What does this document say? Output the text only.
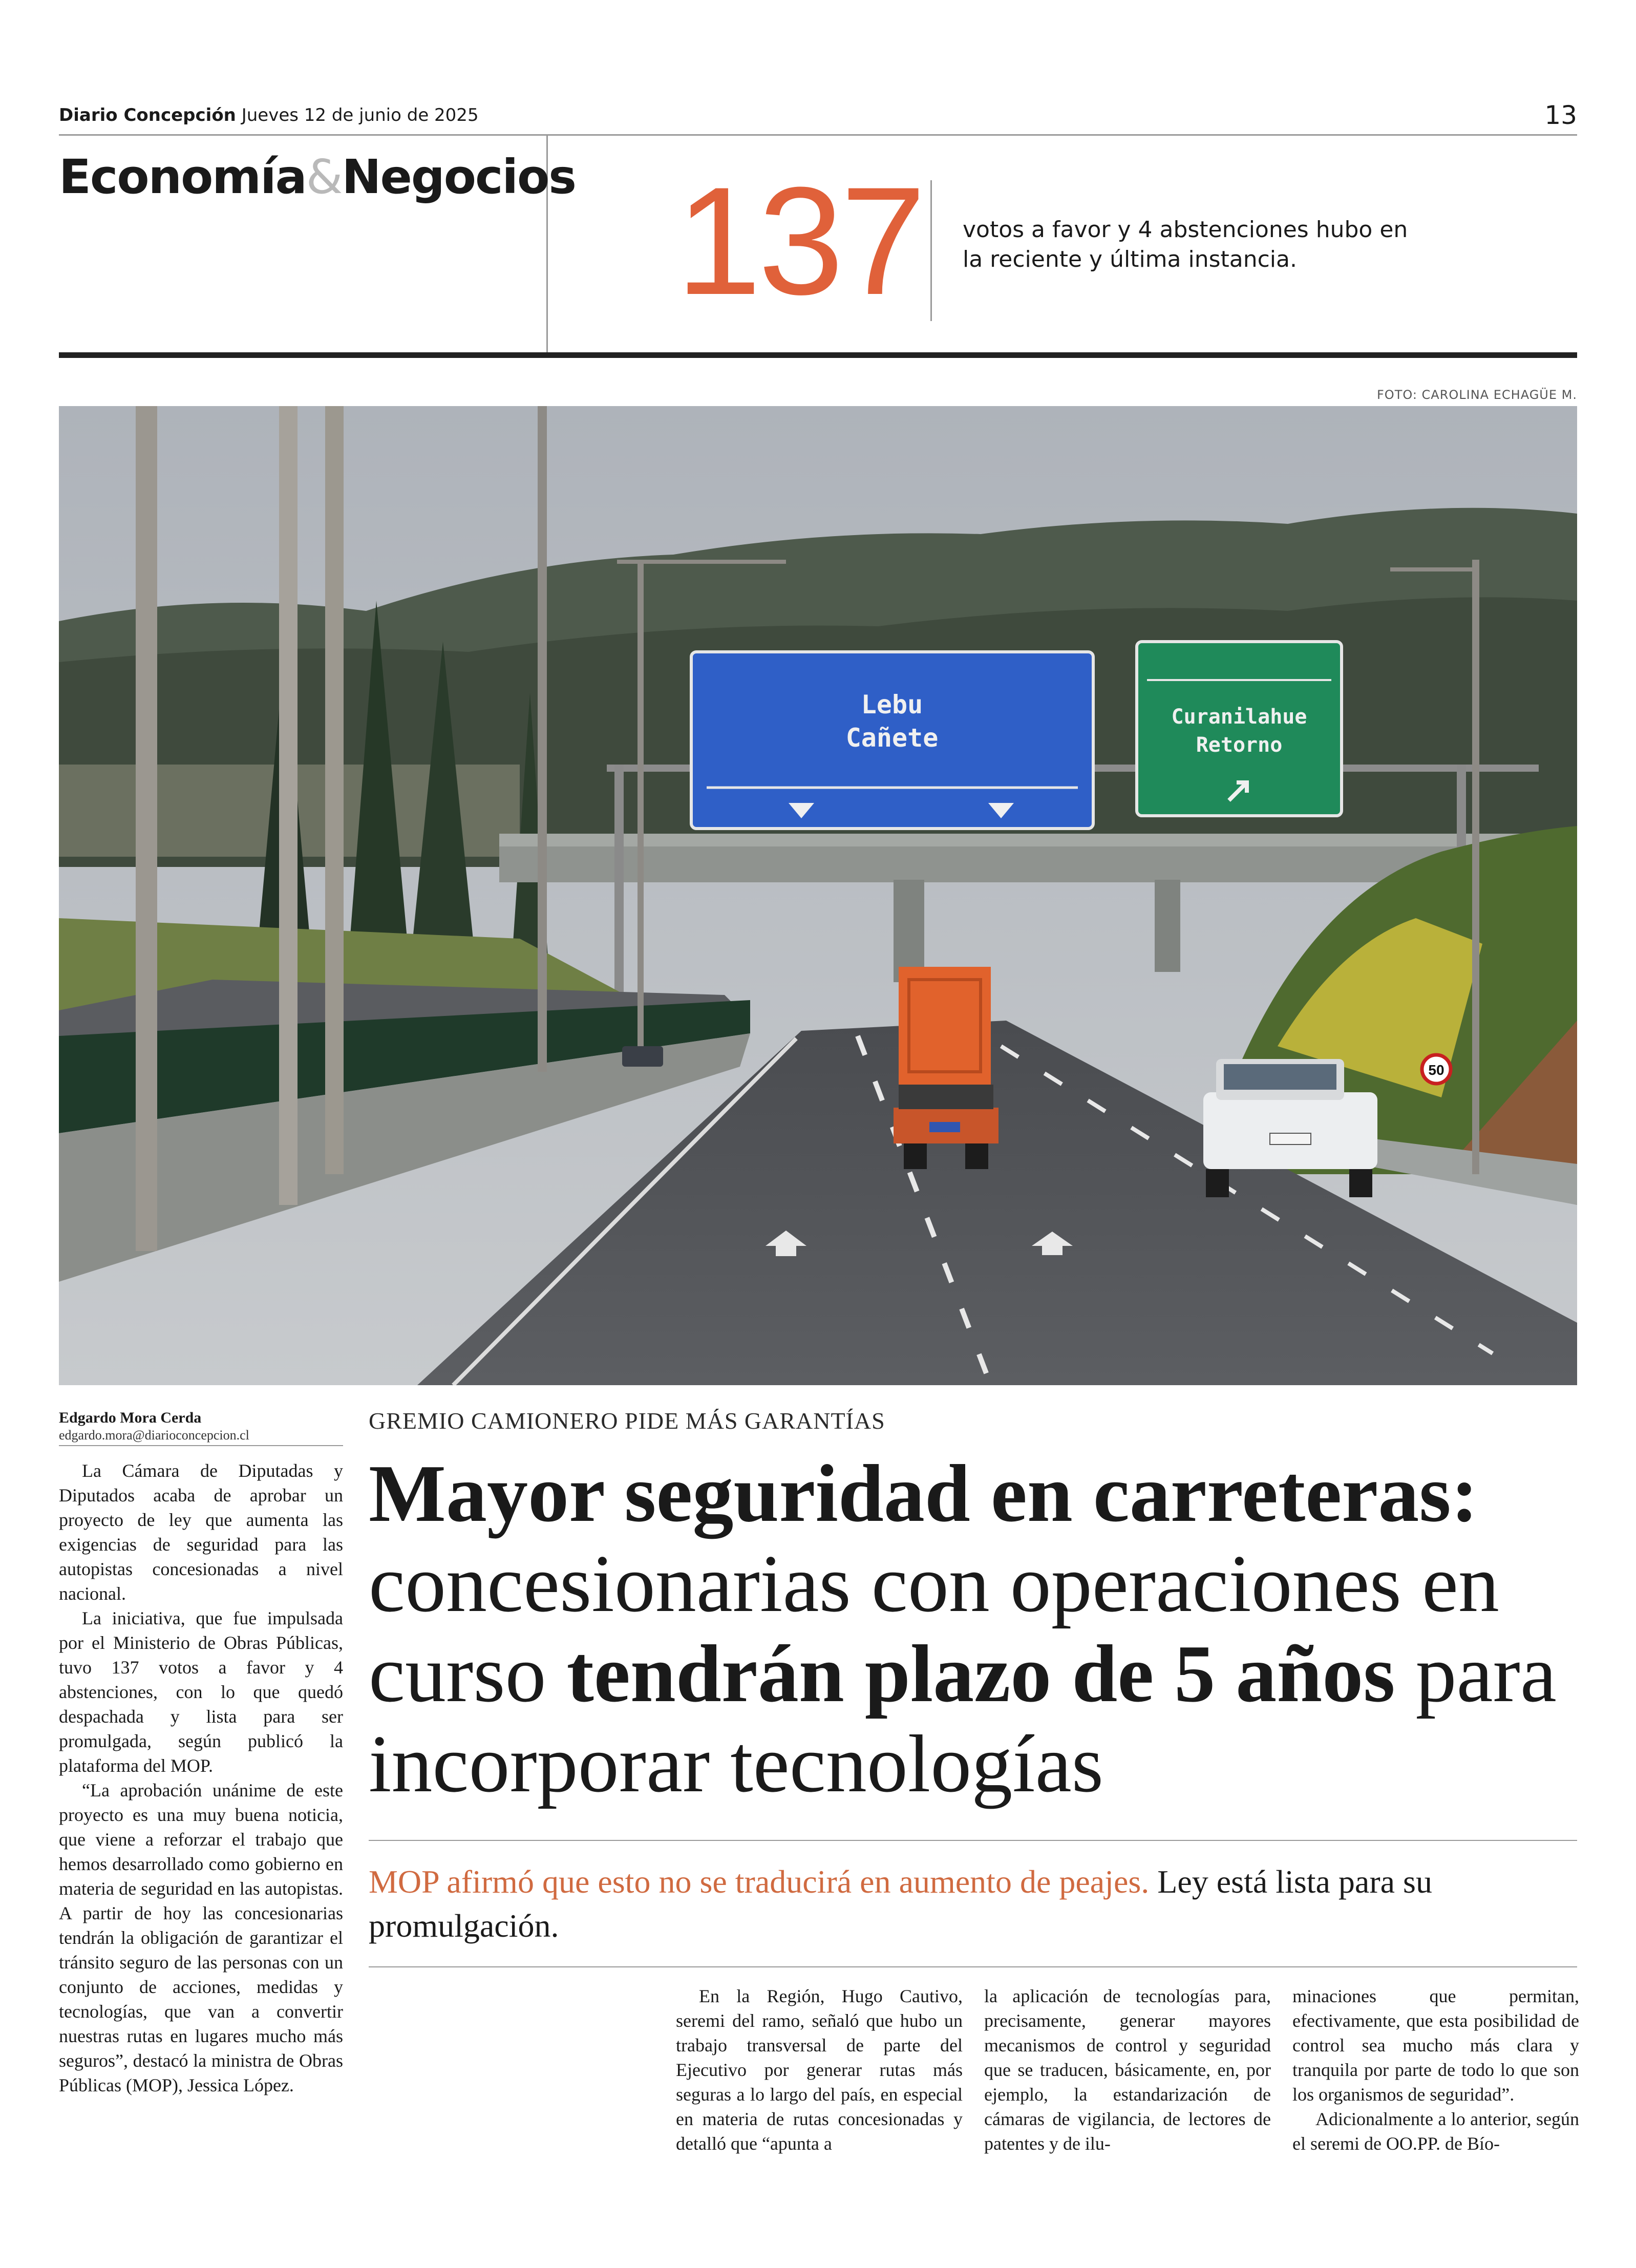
Diario Concepción Jueves 12 de junio de 2025	13
Economía&Negocios 137 votos a favor y 4 abstenciones hubo en la reciente y última instancia.
FOTO: CAROLINA ECHAGÜE M.
Lebu
Cañete
Curanilahue
Retorno
50
Edgardo Mora Cerda
edgardo.mora@diarioconcepcion.cl

La Cámara de Diputadas y Diputados acaba de aprobar un proyecto de ley que aumenta las exigencias de seguridad para las autopistas concesionadas a nivel nacional.

La iniciativa, que fue impulsada por el Ministerio de Obras Públicas, tuvo 137 votos a favor y 4 abstenciones, con lo que quedó despachada y lista para ser promulgada, según publicó la plataforma del MOP.

“La aprobación unánime de este proyecto es una muy buena noticia, que viene a reforzar el trabajo que hemos desarrollado como gobierno en materia de seguridad en las autopistas. A partir de hoy las concesionarias tendrán la obligación de garantizar el tránsito seguro de las personas con un conjunto de acciones, medidas y tecnologías, que van a convertir nuestras rutas en lugares mucho más seguros”, destacó la ministra de Obras Públicas (MOP), Jessica López.

GREMIO CAMIONERO PIDE MÁS GARANTÍAS
Mayor seguridad en carreteras:
concesionarias con operaciones en curso tendrán plazo de 5 años para incorporar tecnologías
MOP afirmó que esto no se traducirá en aumento de peajes. Ley está lista para su promulgación.

En la Región, Hugo Cautivo, seremi del ramo, señaló que hubo un trabajo transversal de parte del Ejecutivo por generar rutas más seguras a lo largo del país, en especial en materia de rutas concesionadas y detalló que “apunta a

la aplicación de tecnologías para, precisamente, generar mayores mecanismos de control y seguridad que se traducen, básicamente, en, por ejemplo, la estandarización de cámaras de vigilancia, de lectores de patentes y de ilu-

minaciones que permitan, efectivamente, que esta posibilidad de control sea mucho más clara y tranquila por parte de todo lo que son los organismos de seguridad”.

Adicionalmente a lo anterior, según el seremi de OO.PP. de Bío-
